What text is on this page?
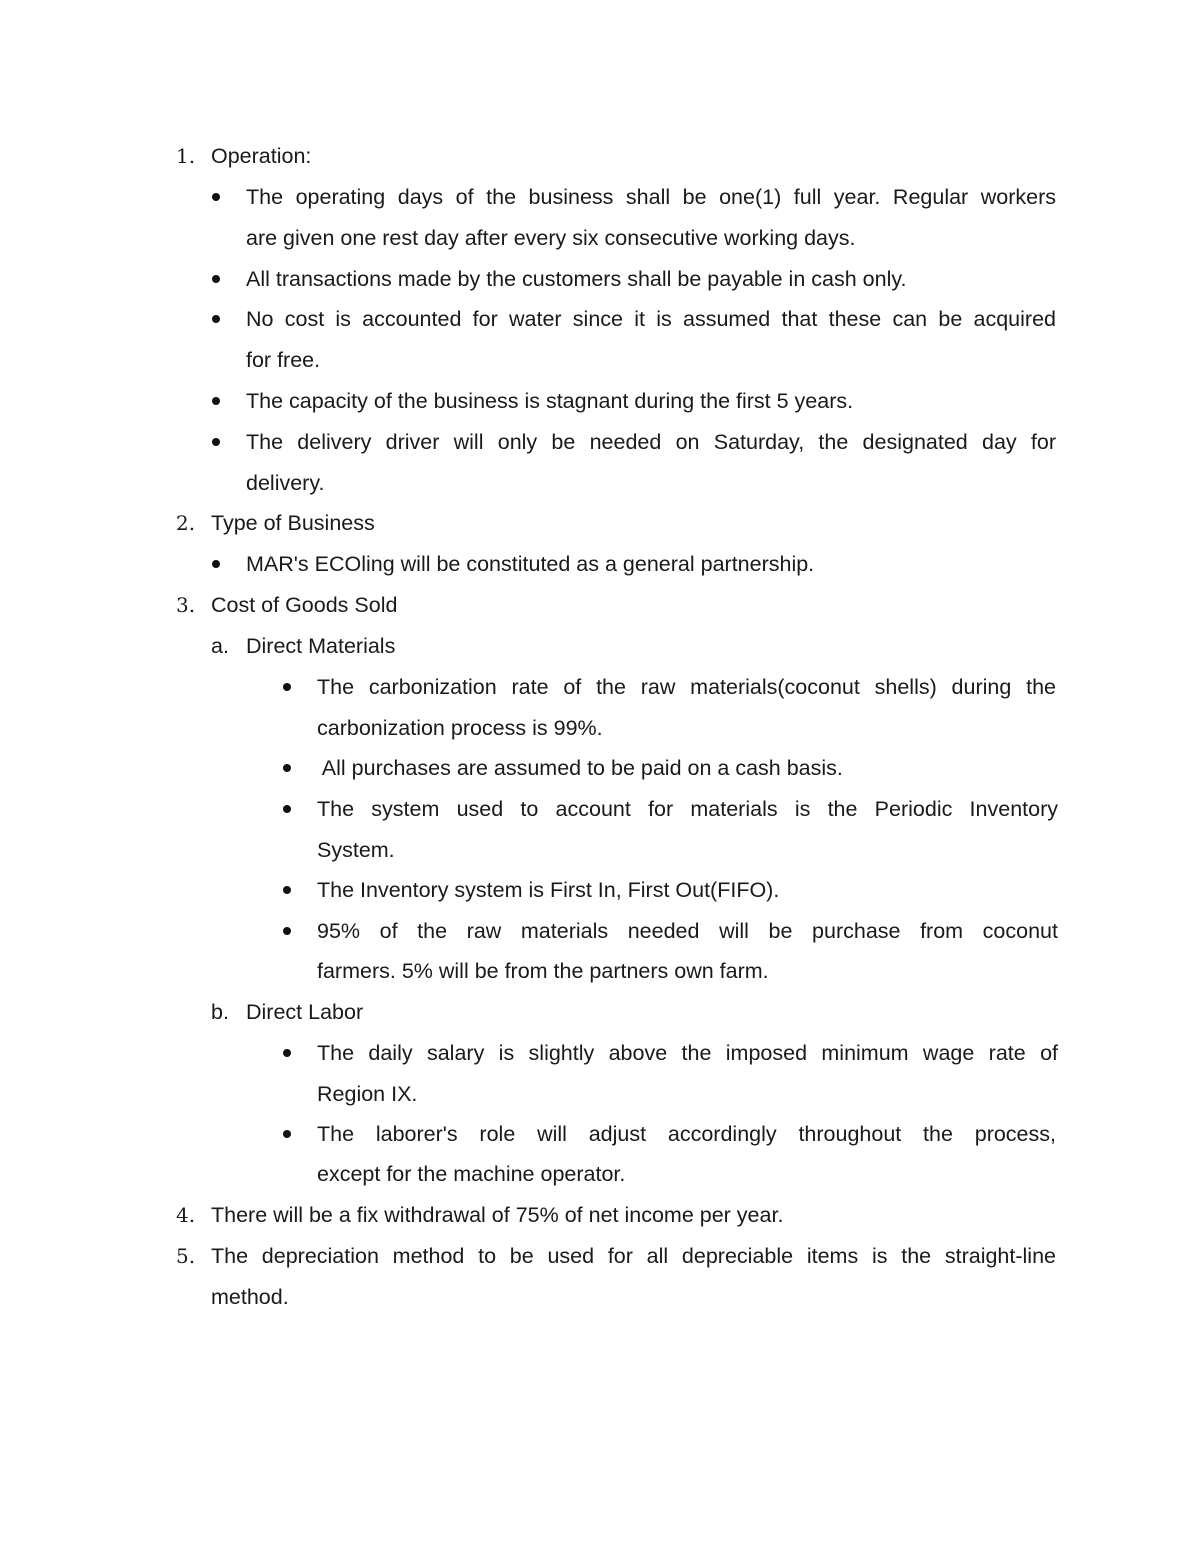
1. Operation:
The operating days of the business shall be one(1) full year. Regular workers
are given one rest day after every six consecutive working days.
All transactions made by the customers shall be payable in cash only.
No cost is accounted for water since it is assumed that these can be acquired
for free.
The capacity of the business is stagnant during the first 5 years.
The delivery driver will only be needed on Saturday, the designated day for
delivery.
2. Type of Business
MAR's ECOling will be constituted as a general partnership.
3. Cost of Goods Sold
a. Direct Materials
The carbonization rate of the raw materials(coconut shells) during the
carbonization process is 99%.
All purchases are assumed to be paid on a cash basis.
The system used to account for materials is the Periodic Inventory
System.
The Inventory system is First In, First Out(FIFO).
95% of the raw materials needed will be purchase from coconut
farmers. 5% will be from the partners own farm.
b. Direct Labor
The daily salary is slightly above the imposed minimum wage rate of
Region IX.
The laborer's role will adjust accordingly throughout the process,
except for the machine operator.
4. There will be a fix withdrawal of 75% of net income per year.
5. The depreciation method to be used for all depreciable items is the straight-line
method.
